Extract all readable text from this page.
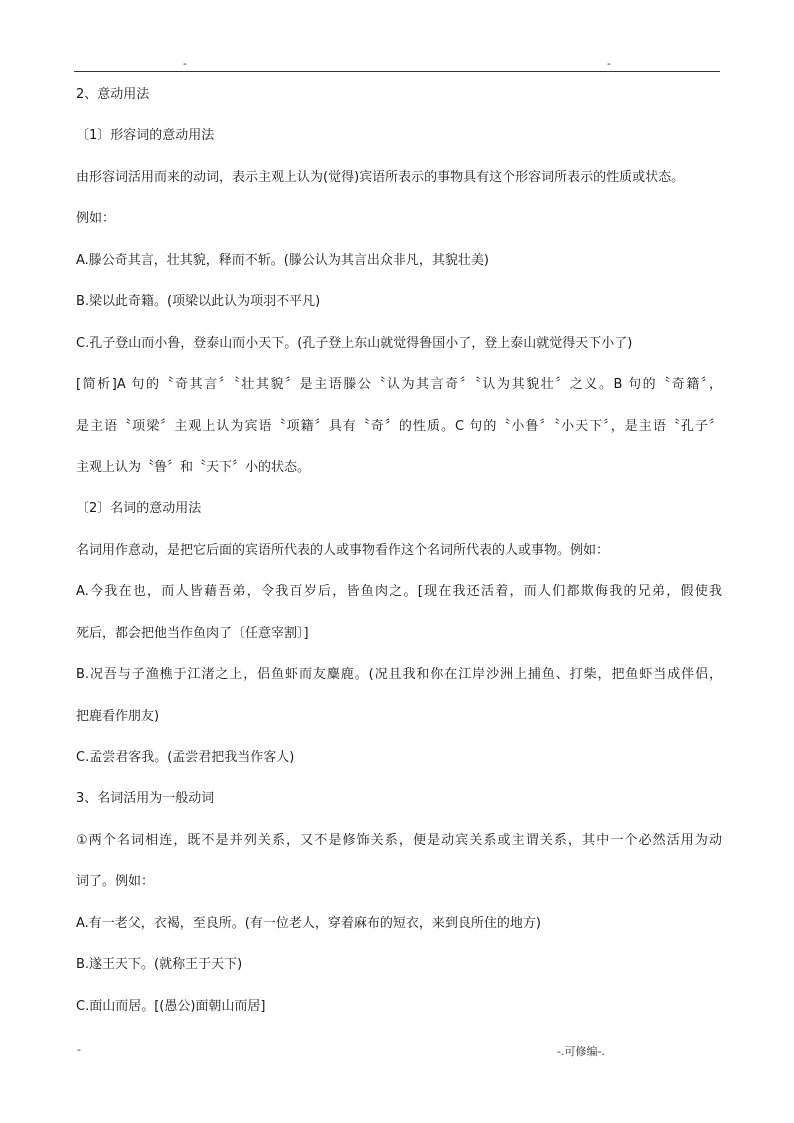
-	-
2、意动用法
〔1〕形容词的意动用法
由形容词活用而来的动词，表示主观上认为(觉得)宾语所表示的事物具有这个形容词所表示的性质或状态。
例如：
A.滕公奇其言，壮其貌，释而不斩。(滕公认为其言出众非凡，其貌壮美)
B.梁以此奇籍。(项梁以此认为项羽不平凡)
C.孔子登山而小鲁，登泰山而小天下。(孔子登上东山就觉得鲁国小了，登上泰山就觉得天下小了)
[简析]A 句的〝奇其言〞〝壮其貌〞是主语滕公〝认为其言奇〞〝认为其貌壮〞之义。B 句的〝奇籍〞，
是主语〝项梁〞主观上认为宾语〝项籍〞具有〝奇〞的性质。C 句的〝小鲁〞〝小天下〞，是主语〝孔子〞
主观上认为〝鲁〞和〝天下〞小的状态。
〔2〕名词的意动用法
名词用作意动，是把它后面的宾语所代表的人或事物看作这个名词所代表的人或事物。例如：
A.今我在也，而人皆藉吾弟，令我百岁后，皆鱼肉之。[现在我还活着，而人们都欺侮我的兄弟，假使我
死后，都会把他当作鱼肉了〔任意宰割〕]
B.况吾与子渔樵于江渚之上，侣鱼虾而友麋鹿。(况且我和你在江岸沙洲上捕鱼、打柴，把鱼虾当成伴侣，
把鹿看作朋友)
C.孟尝君客我。(孟尝君把我当作客人)
3、名词活用为一般动词
①两个名词相连，既不是并列关系，又不是修饰关系，便是动宾关系或主谓关系，其中一个必然活用为动
词了。例如：
A.有一老父，衣褐，至良所。(有一位老人，穿着麻布的短衣，来到良所住的地方)
B.遂王天下。(就称王于天下)
C.面山而居。[(愚公)面朝山而居]
-	-.可修编-.
